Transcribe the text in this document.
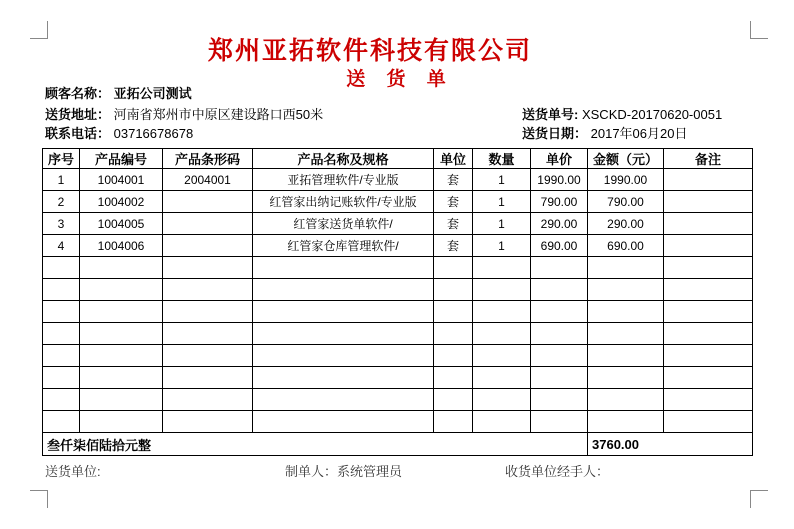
郑州亚拓软件科技有限公司
送 货 单
顾客名称： 亚拓公司测试
送货地址： 河南省郑州市中原区建设路口西50米
联系电话： 03716678678
送货单号: XSCKD-20170620-0051
送货日期： 2017年06月20日
序号	产品编号	产品条形码	产品名称及规格	单位	数量	单价	金额（元）	备注
1	1004001	2004001	亚拓管理软件/专业版	套	1	1990.00	1990.00	
2	1004002		红管家出纳记账软件/专业版	套	1	790.00	790.00	
3	1004005		红管家送货单软件/	套	1	290.00	290.00	
4	1004006		红管家仓库管理软件/	套	1	690.00	690.00	

叁仟柒佰陆拾元整							3760.00	
送货单位:	制单人：系统管理员	收货单位经手人：
